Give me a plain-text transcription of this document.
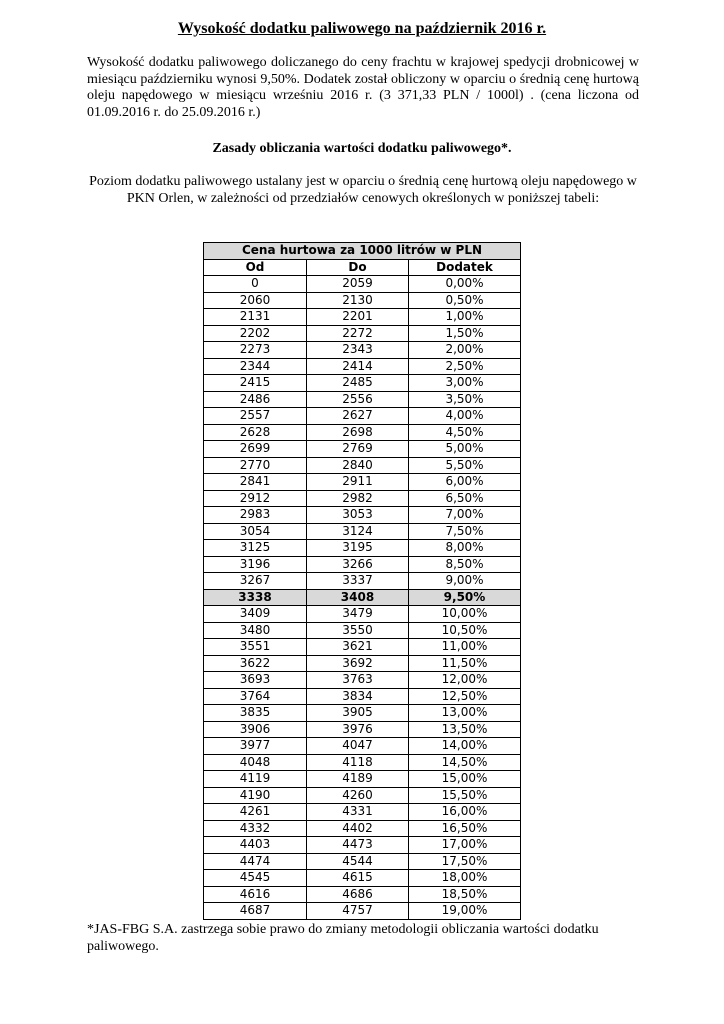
Wysokość dodatku paliwowego na październik 2016 r.
Wysokość dodatku paliwowego doliczanego do ceny frachtu w krajowej spedycji drobnicowej w miesiącu październiku wynosi 9,50%. Dodatek został obliczony w oparciu o średnią cenę hurtową oleju napędowego w miesiącu wrześniu 2016 r. (3 371,33 PLN / 1000l) . (cena liczona od 01.09.2016 r. do 25.09.2016 r.)
Zasady obliczania wartości dodatku paliwowego*.
Poziom dodatku paliwowego ustalany jest w oparciu o średnią cenę hurtową oleju napędowego w PKN Orlen, w zależności od przedziałów cenowych określonych w poniższej tabeli:
Cena hurtowa za 1000 litrów w PLN		
Od	Do	Dodatek
0	2059	0,00%
2060	2130	0,50%
2131	2201	1,00%
2202	2272	1,50%
2273	2343	2,00%
2344	2414	2,50%
2415	2485	3,00%
2486	2556	3,50%
2557	2627	4,00%
2628	2698	4,50%
2699	2769	5,00%
2770	2840	5,50%
2841	2911	6,00%
2912	2982	6,50%
2983	3053	7,00%
3054	3124	7,50%
3125	3195	8,00%
3196	3266	8,50%
3267	3337	9,00%
3338	3408	9,50%
3409	3479	10,00%
3480	3550	10,50%
3551	3621	11,00%
3622	3692	11,50%
3693	3763	12,00%
3764	3834	12,50%
3835	3905	13,00%
3906	3976	13,50%
3977	4047	14,00%
4048	4118	14,50%
4119	4189	15,00%
4190	4260	15,50%
4261	4331	16,00%
4332	4402	16,50%
4403	4473	17,00%
4474	4544	17,50%
4545	4615	18,00%
4616	4686	18,50%
4687	4757	19,00%
*JAS-FBG S.A. zastrzega sobie prawo do zmiany metodologii obliczania wartości dodatku paliwowego.
